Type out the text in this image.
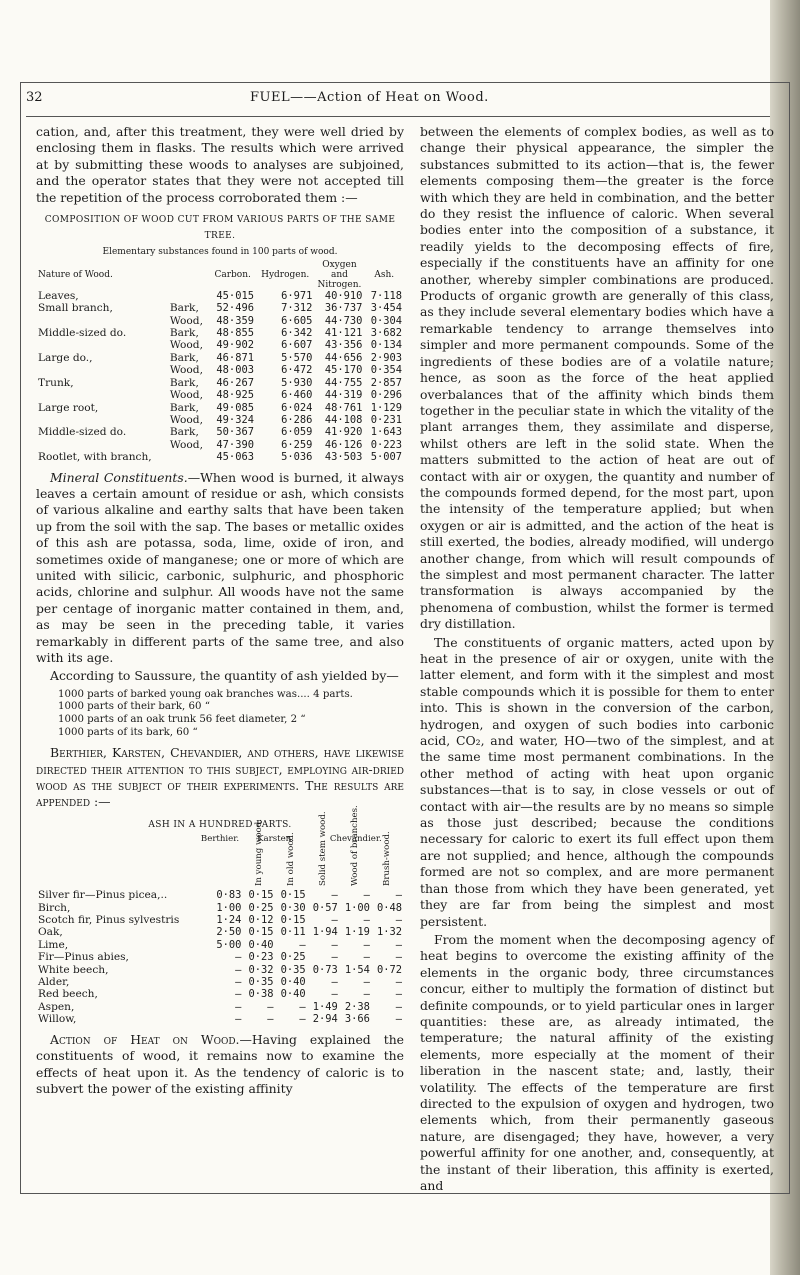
32	FUEL——Action of Heat on Wood.

cation, and, after this treatment, they were well dried by enclosing them in flasks. The results which were arrived at by submitting these woods to analyses are subjoined, and the operator states that they were not accepted till the repetition of the process corroborated them :—

COMPOSITION OF WOOD CUT FROM VARIOUS PARTS OF THE SAME TREE.
Elementary substances found in 100 parts of wood.
Nature of Wood.		Carbon.	Hydrogen.	Oxygen and Nitrogen.	Ash.
Leaves,		45·015	6·971	40·910	7·118
Small branch,	Bark,	52·496	7·312	36·737	3·454
	Wood,	48·359	6·605	44·730	0·304
Middle-sized do.	Bark,	48·855	6·342	41·121	3·682
	Wood,	49·902	6·607	43·356	0·134
Large do.,	Bark,	46·871	5·570	44·656	2·903
	Wood,	48·003	6·472	45·170	0·354
Trunk,	Bark,	46·267	5·930	44·755	2·857
	Wood,	48·925	6·460	44·319	0·296
Large root,	Bark,	49·085	6·024	48·761	1·129
	Wood,	49·324	6·286	44·108	0·231
Middle-sized do.	Bark,	50·367	6·059	41·920	1·643
	Wood,	47·390	6·259	46·126	0·223
Rootlet, with branch,		45·063	5·036	43·503	5·007

Mineral Constituents.—When wood is burned, it always leaves a certain amount of residue or ash, which consists of various alkaline and earthy salts that have been taken up from the soil with the sap. The bases or metallic oxides of this ash are potassa, soda, lime, oxide of iron, and sometimes oxide of manganese; one or more of which are united with silicic, carbonic, sulphuric, and phosphoric acids, chlorine and sulphur. All woods have not the same per centage of inorganic matter contained in them, and, as may be seen in the preceding table, it varies remarkably in different parts of the same tree, and also with its age.

According to Saussure, the quantity of ash yielded by—

1000 parts of barked young oak branches was.... 4 parts.
1000 parts of their bark, 60 “
1000 parts of an oak trunk 56 feet diameter, 2 “
1000 parts of its bark, 60 “

Berthier, Karsten, Chevandier, and others, have likewise directed their attention to this subject, employing air-dried wood as the subject of their experiments. The results are appended :—

ASH IN A HUNDRED PARTS.
	Berthier.	Karsten.		Chevandier.		
		In young wood.	In old wood.	Solid stem wood.	Wood of branches.	Brush-wood.
Silver fir—Pinus picea,..	0·83	0·15	0·15	—	—	—
Birch,	1·00	0·25	0·30	0·57	1·00	0·48
Scotch fir, Pinus sylvestris	1·24	0·12	0·15	—	—	—
Oak,	2·50	0·15	0·11	1·94	1·19	1·32
Lime,	5·00	0·40	—	—	—	—
Fir—Pinus abies,	—	0·23	0·25	—	—	—
White beech,	—	0·32	0·35	0·73	1·54	0·72
Alder,	—	0·35	0·40	—	—	—
Red beech,	—	0·38	0·40	—	—	—
Aspen,	—	—	—	1·49	2·38	—
Willow,	—	—	—	2·94	3·66	—

Action of Heat on Wood.—Having explained the constituents of wood, it remains now to examine the effects of heat upon it. As the tendency of caloric is to subvert the power of the existing affinity

between the elements of complex bodies, as well as to change their physical appearance, the simpler the substances submitted to its action—that is, the fewer elements composing them—the greater is the force with which they are held in combination, and the better do they resist the influence of caloric. When several bodies enter into the composition of a substance, it readily yields to the decomposing effects of fire, especially if the constituents have an affinity for one another, whereby simpler combinations are produced. Products of organic growth are generally of this class, as they include several elementary bodies which have a remarkable tendency to arrange themselves into simpler and more permanent compounds. Some of the ingredients of these bodies are of a volatile nature; hence, as soon as the force of the heat applied overbalances that of the affinity which binds them together in the peculiar state in which the vitality of the plant arranges them, they assimilate and disperse, whilst others are left in the solid state. When the matters submitted to the action of heat are out of contact with air or oxygen, the quantity and number of the compounds formed depend, for the most part, upon the intensity of the temperature applied; but when oxygen or air is admitted, and the action of the heat is still exerted, the bodies, already modified, will undergo another change, from which will result compounds of the simplest and most permanent character. The latter transformation is always accompanied by the phenomena of combustion, whilst the former is termed dry distillation.

The constituents of organic matters, acted upon by heat in the presence of air or oxygen, unite with the latter element, and form with it the simplest and most stable compounds which it is possible for them to enter into. This is shown in the conversion of the carbon, hydrogen, and oxygen of such bodies into carbonic acid, CO₂, and water, HO—two of the simplest, and at the same time most permanent combinations. In the other method of acting with heat upon organic substances—that is to say, in close vessels or out of contact with air—the results are by no means so simple as those just described; because the conditions necessary for caloric to exert its full effect upon them are not supplied; and hence, although the compounds formed are not so complex, and are more permanent than those from which they have been generated, yet they are far from being the simplest and most persistent.

From the moment when the decomposing agency of heat begins to overcome the existing affinity of the elements in the organic body, three circumstances concur, either to multiply the formation of distinct but definite compounds, or to yield particular ones in larger quantities: these are, as already intimated, the temperature; the natural affinity of the existing elements, more especially at the moment of their liberation in the nascent state; and, lastly, their volatility. The effects of the temperature are first directed to the expulsion of oxygen and hydrogen, two elements which, from their permanently gaseous nature, are disengaged; they have, however, a very powerful affinity for one another, and, consequently, at the instant of their liberation, this affinity is exerted, and
